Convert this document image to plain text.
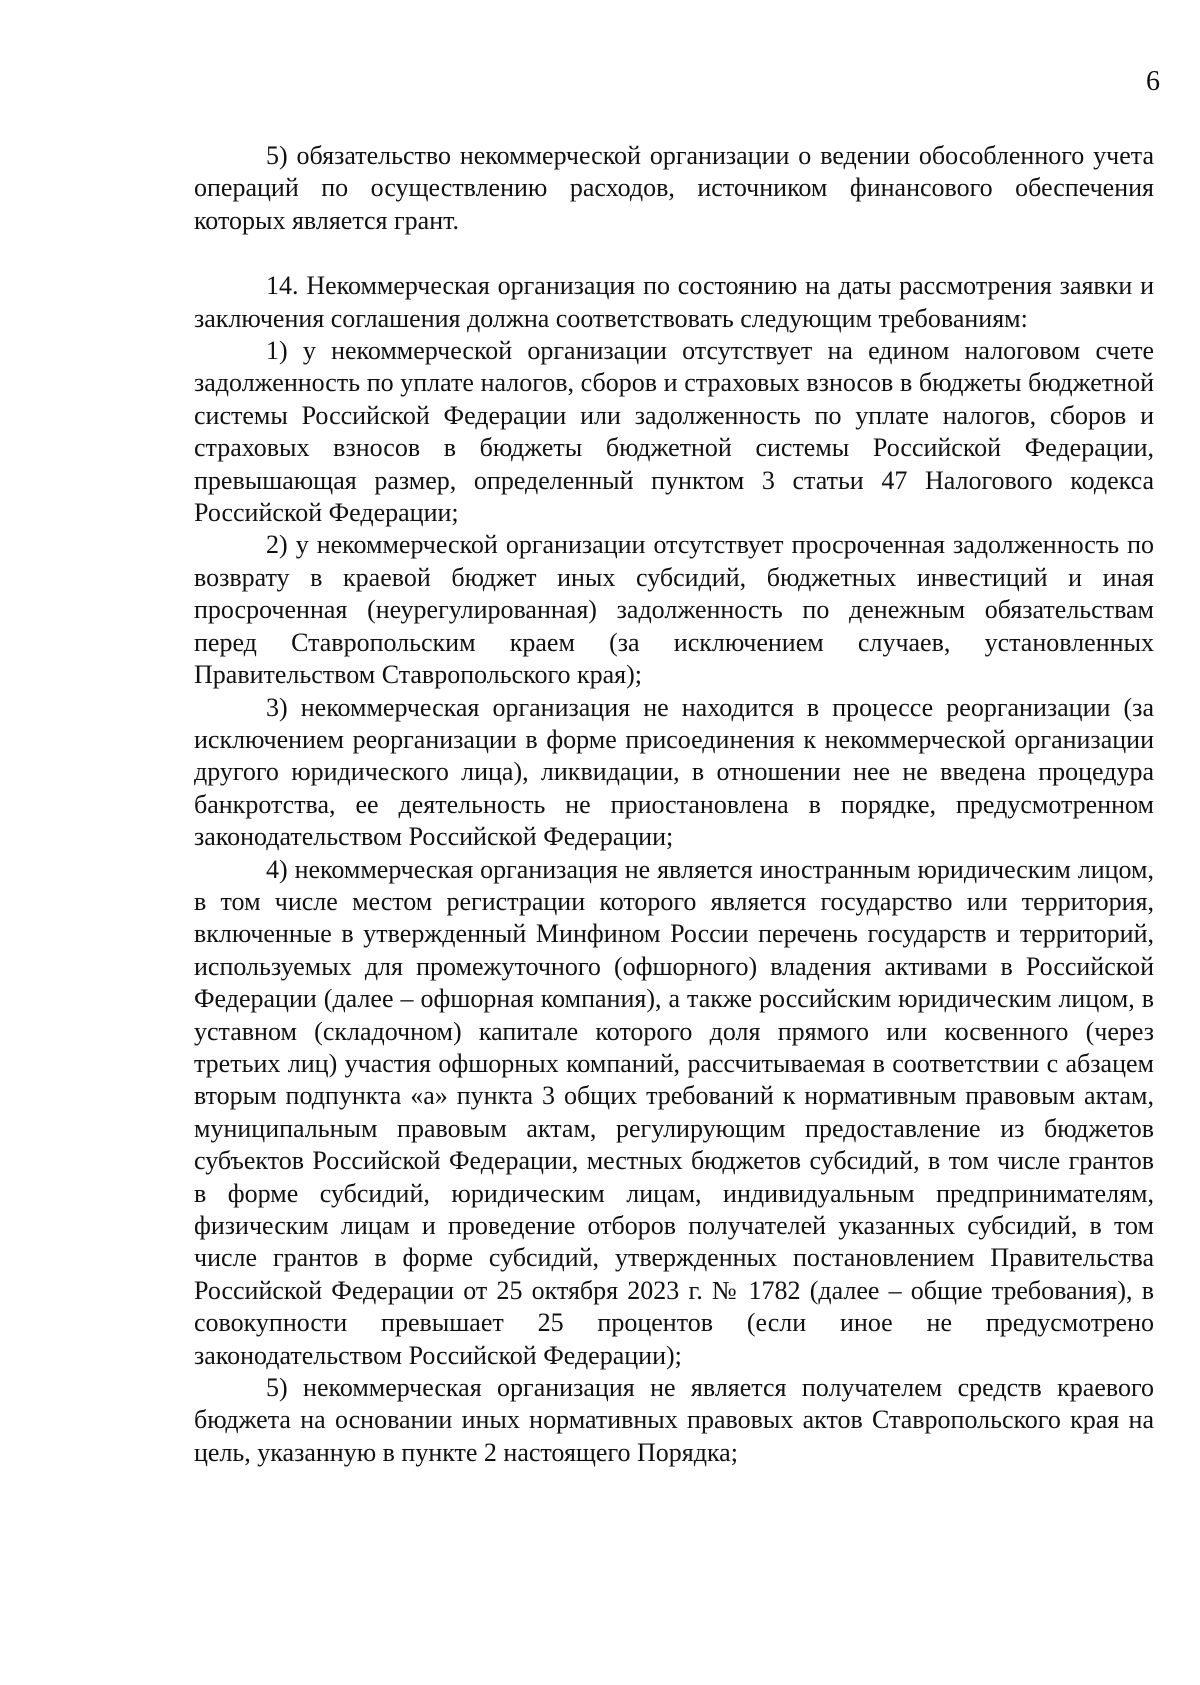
6

5) обязательство некоммерческой организации о ведении обособленного учета операций по осуществлению расходов, источником финансового обеспечения которых является грант.

14. Некоммерческая организация по состоянию на даты рассмотрения заявки и заключения соглашения должна соответствовать следующим требованиям:

1) у некоммерческой организации отсутствует на едином налоговом счете задолженность по уплате налогов, сборов и страховых взносов в бюджеты бюджетной системы Российской Федерации или задолженность по уплате налогов, сборов и страховых взносов в бюджеты бюджетной системы Российской Федерации, превышающая размер, определенный пунктом 3 статьи 47 Налогового кодекса Российской Федерации;

2) у некоммерческой организации отсутствует просроченная задолженность по возврату в краевой бюджет иных субсидий, бюджетных инвестиций и иная просроченная (неурегулированная) задолженность по денежным обязательствам перед Ставропольским краем (за исключением случаев, установленных Правительством Ставропольского края);

3) некоммерческая организация не находится в процессе реорганизации (за исключением реорганизации в форме присоединения к некоммерческой организации другого юридического лица), ликвидации, в отношении нее не введена процедура банкротства, ее деятельность не приостановлена в порядке, предусмотренном законодательством Российской Федерации;

4) некоммерческая организация не является иностранным юридическим лицом, в том числе местом регистрации которого является государство или территория, включенные в утвержденный Минфином России перечень государств и территорий, используемых для промежуточного (офшорного) владения активами в Российской Федерации (далее – офшорная компания), а также российским юридическим лицом, в уставном (складочном) капитале которого доля прямого или косвенного (через третьих лиц) участия офшорных компаний, рассчитываемая в соответствии с абзацем вторым подпункта «а» пункта 3 общих требований к нормативным правовым актам, муниципальным правовым актам, регулирующим предоставление из бюджетов субъектов Российской Федерации, местных бюджетов субсидий, в том числе грантов в форме субсидий, юридическим лицам, индивидуальным предпринимателям, физическим лицам и проведение отборов получателей указанных субсидий, в том числе грантов в форме субсидий, утвержденных постановлением Правительства Российской Федерации от 25 октября 2023 г. № 1782 (далее – общие требования), в совокупности превышает 25 процентов (если иное не предусмотрено законодательством Российской Федерации);

5) некоммерческая организация не является получателем средств краевого бюджета на основании иных нормативных правовых актов Ставропольского края на цель, указанную в пункте 2 настоящего Порядка;
